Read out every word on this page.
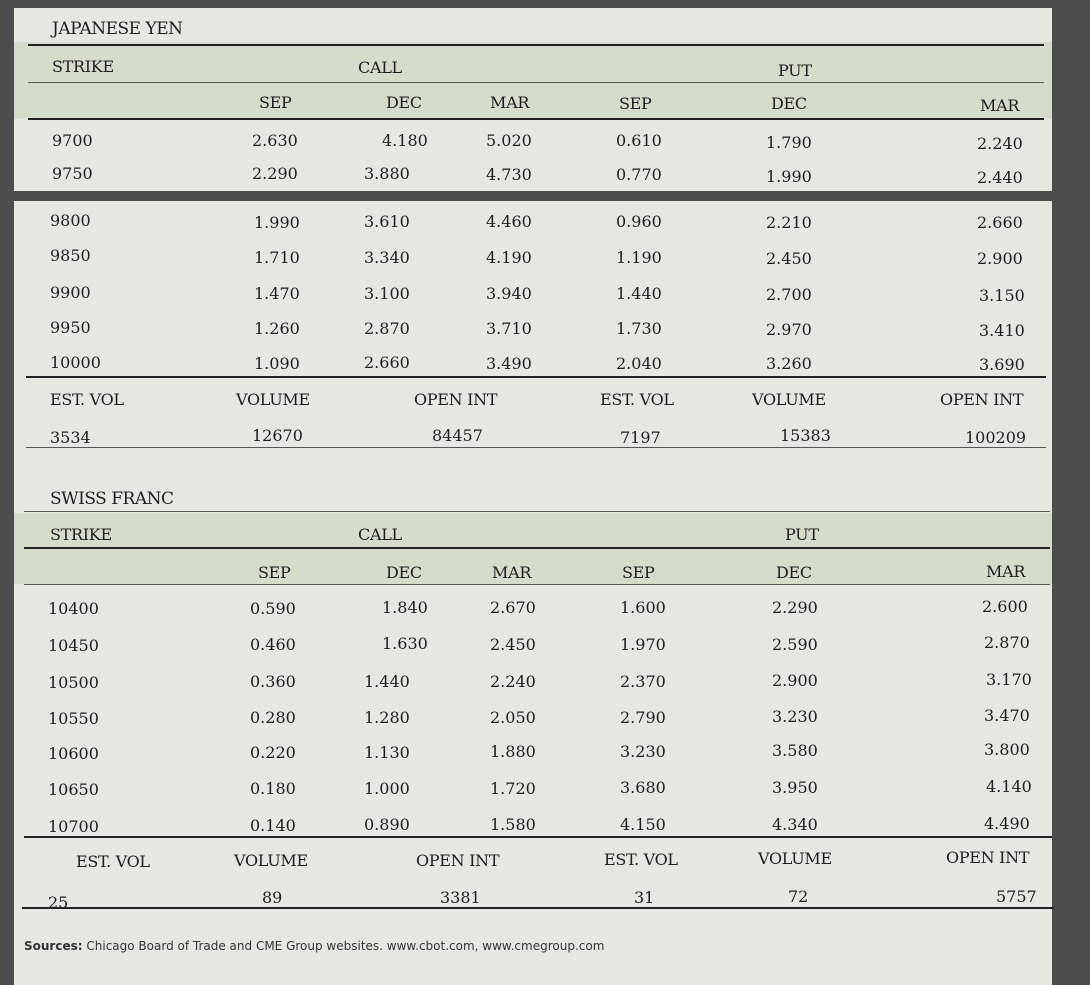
JAPANESE YEN
STRIKE	CALL	PUT
SEP	DEC	MAR	SEP	DEC	MAR
9700	2.630	4.180	5.020	0.610	1.790	2.240
9750	2.290	3.880	4.730	0.770	1.990	2.440
9800	1.990	3.610	4.460	0.960	2.210	2.660
9850	1.710	3.340	4.190	1.190	2.450	2.900
9900	1.470	3.100	3.940	1.440	2.700	3.150
9950	1.260	2.870	3.710	1.730	2.970	3.410
10000	1.090	2.660	3.490	2.040	3.260	3.690
EST. VOL	VOLUME	OPEN INT	EST. VOL	VOLUME	OPEN INT
3534	12670	84457	7197	15383	100209
SWISS FRANC
STRIKE	CALL	PUT
SEP	DEC	MAR	SEP	DEC	MAR
10400	0.590	1.840	2.670	1.600	2.290	2.600
10450	0.460	1.630	2.450	1.970	2.590	2.870
10500	0.360	1.440	2.240	2.370	2.900	3.170
10550	0.280	1.280	2.050	2.790	3.230	3.470
10600	0.220	1.130	1.880	3.230	3.580	3.800
10650	0.180	1.000	1.720	3.680	3.950	4.140
10700	0.140	0.890	1.580	4.150	4.340	4.490
EST. VOL	VOLUME	OPEN INT	EST. VOL	VOLUME	OPEN INT
25	89	3381	31	72	5757
Sources: Chicago Board of Trade and CME Group websites. www.cbot.com, www.cmegroup.com
